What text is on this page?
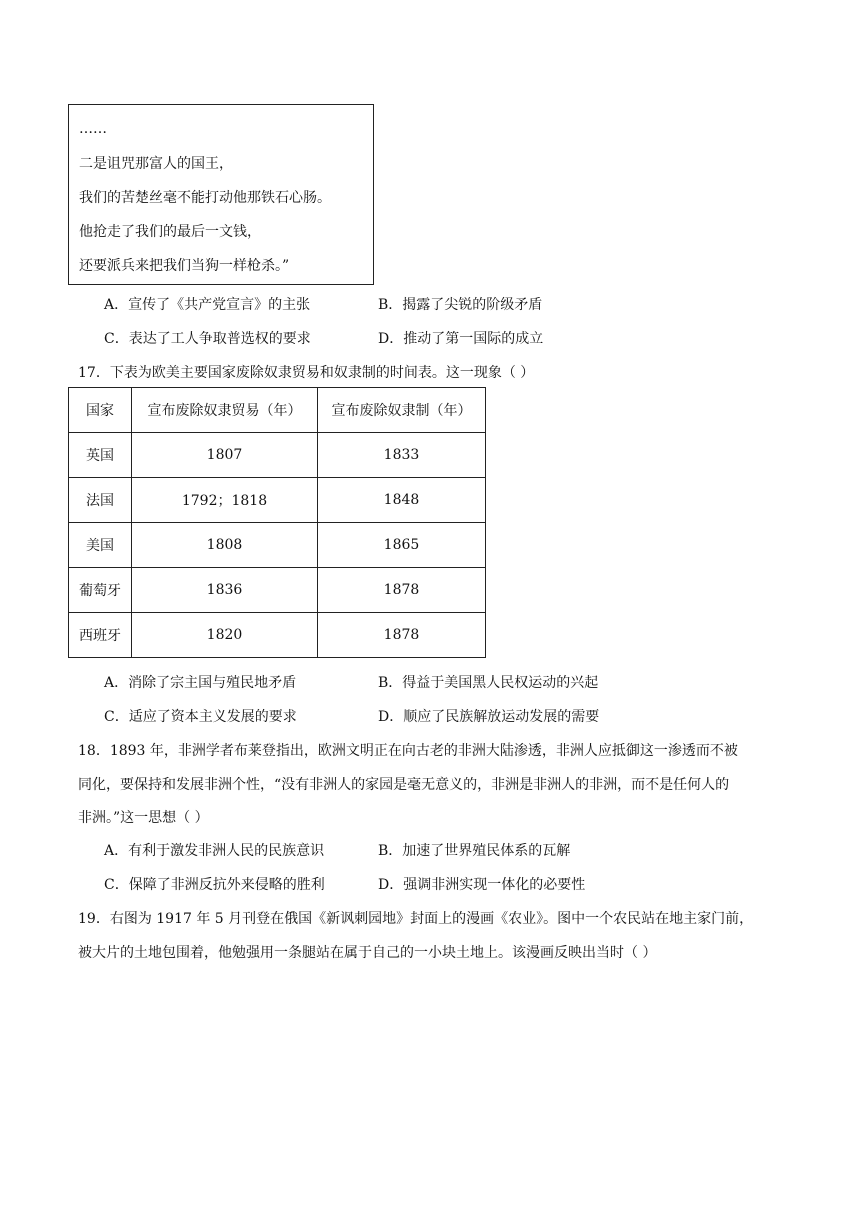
……
二是诅咒那富人的国王，
我们的苦楚丝毫不能打动他那铁石心肠。
他抢走了我们的最后一文钱，
还要派兵来把我们当狗一样枪杀。”
A．宣传了《共产党宣言》的主张	B．揭露了尖锐的阶级矛盾
C．表达了工人争取普选权的要求	D．推动了第一国际的成立
17．下表为欧美主要国家废除奴隶贸易和奴隶制的时间表。这一现象（ ）
国家	宣布废除奴隶贸易（年）	宣布废除奴隶制（年）
英国	1807	1833
法国	1792；1818	1848
美国	1808	1865
葡萄牙	1836	1878
西班牙	1820	1878
A．消除了宗主国与殖民地矛盾	B．得益于美国黑人民权运动的兴起
C．适应了资本主义发展的要求	D．顺应了民族解放运动发展的需要
18．1893 年，非洲学者布莱登指出，欧洲文明正在向古老的非洲大陆渗透，非洲人应抵御这一渗透而不被
同化，要保持和发展非洲个性，“没有非洲人的家园是毫无意义的，非洲是非洲人的非洲，而不是任何人的
非洲。”这一思想（ ）
A．有利于激发非洲人民的民族意识	B．加速了世界殖民体系的瓦解
C．保障了非洲反抗外来侵略的胜利	D．强调非洲实现一体化的必要性
19．右图为 1917 年 5 月刊登在俄国《新讽刺园地》封面上的漫画《农业》。图中一个农民站在地主家门前，
被大片的土地包围着，他勉强用一条腿站在属于自己的一小块土地上。该漫画反映出当时（ ）
